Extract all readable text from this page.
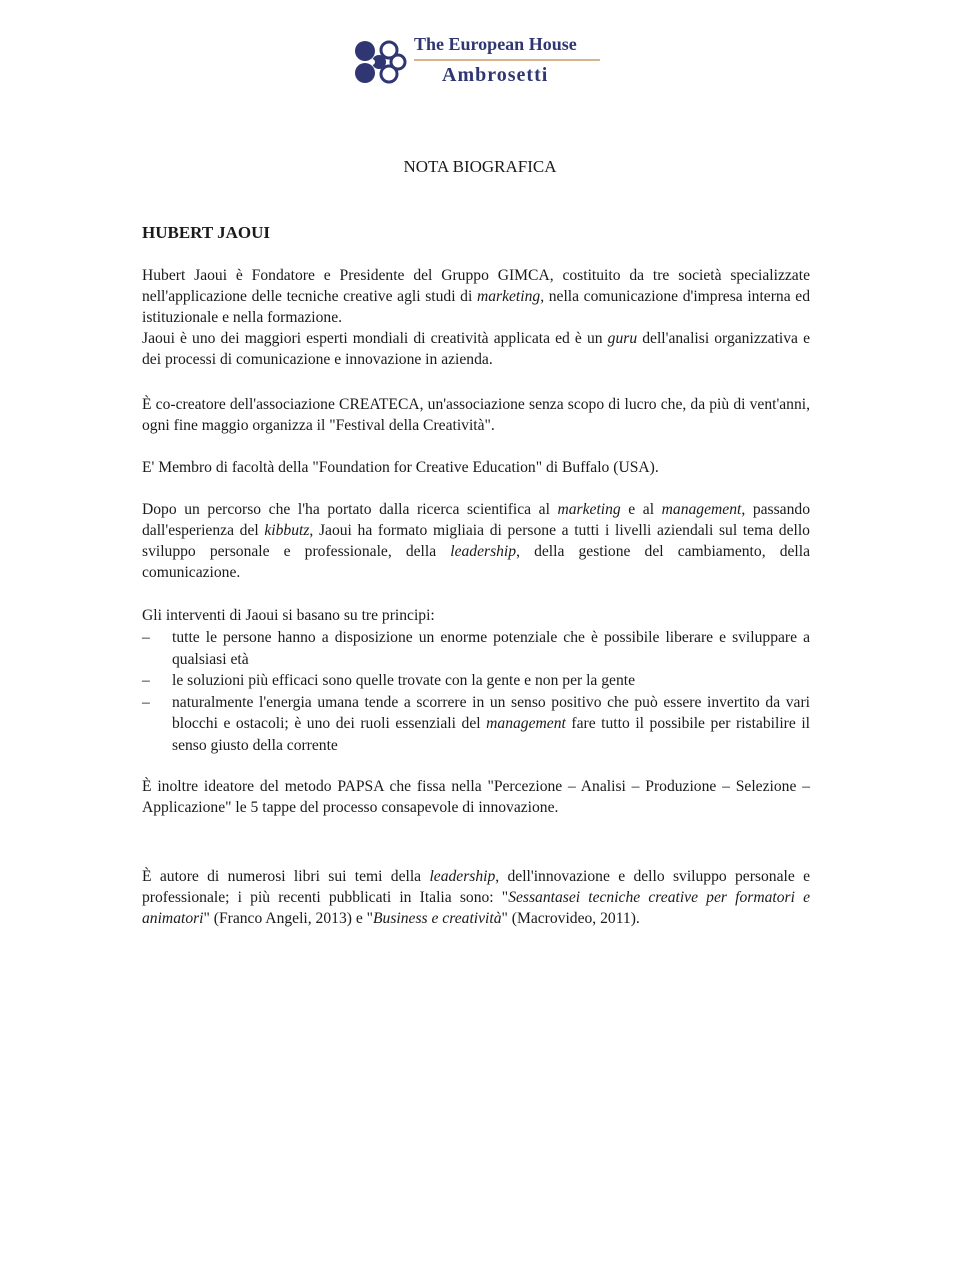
The European House
Ambrosetti
NOTA BIOGRAFICA
HUBERT JAOUI

Hubert Jaoui è Fondatore e Presidente del Gruppo GIMCA, costituito da tre società specializzate nell'applicazione delle tecniche creative agli studi di marketing, nella comunicazione d'impresa interna ed istituzionale e nella formazione.

Jaoui è uno dei maggiori esperti mondiali di creatività applicata ed è un guru dell'analisi organizzativa e dei processi di comunicazione e innovazione in azienda.

È co-creatore dell'associazione CREATECA, un'associazione senza scopo di lucro che, da più di vent'anni, ogni fine maggio organizza il "Festival della Creatività".

E' Membro di facoltà della "Foundation for Creative Education" di Buffalo (USA).

Dopo un percorso che l'ha portato dalla ricerca scientifica al marketing e al management, passando dall'esperienza del kibbutz, Jaoui ha formato migliaia di persone a tutti i livelli aziendali sul tema dello sviluppo personale e professionale, della leadership, della gestione del cambiamento, della comunicazione.

Gli interventi di Jaoui si basano su tre principi:

– tutte le persone hanno a disposizione un enorme potenziale che è possibile liberare e sviluppare a qualsiasi età
– le soluzioni più efficaci sono quelle trovate con la gente e non per la gente
– naturalmente l'energia umana tende a scorrere in un senso positivo che può essere invertito da vari blocchi e ostacoli; è uno dei ruoli essenziali del management fare tutto il possibile per ristabilire il senso giusto della corrente

È inoltre ideatore del metodo PAPSA che fissa nella "Percezione – Analisi – Produzione – Selezione – Applicazione" le 5 tappe del processo consapevole di innovazione.

È autore di numerosi libri sui temi della leadership, dell'innovazione e dello sviluppo personale e professionale; i più recenti pubblicati in Italia sono: "Sessantasei tecniche creative per formatori e animatori" (Franco Angeli, 2013) e "Business e creatività" (Macrovideo, 2011).
